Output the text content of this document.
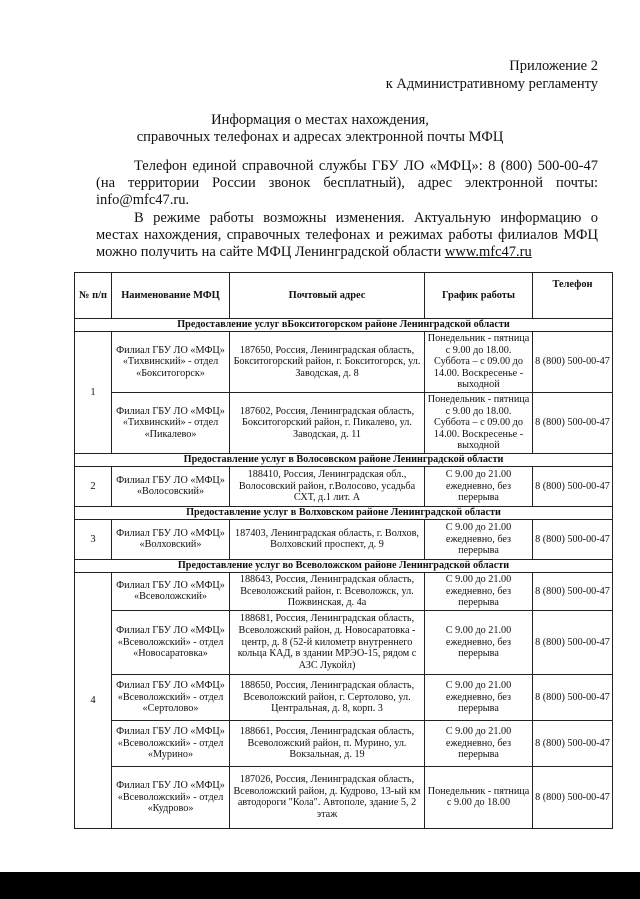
Приложение 2
к Административному регламенту
Информация о местах нахождения,
справочных телефонах и адресах электронной почты МФЦ
Телефон единой справочной службы ГБУ ЛО «МФЦ»: 8 (800) 500-00-47 (на территории России звонок бесплатный), адрес электронной почты: info@mfc47.ru.
В режиме работы возможны изменения. Актуальную информацию о местах нахождения, справочных телефонах и режимах работы филиалов МФЦ можно получить на сайте МФЦ Ленинградской области www.mfc47.ru
№ п/п	Наименование МФЦ	Почтовый адрес	График работы	Телефон
Предоставление услуг вБокситогорском районе Ленинградской области				
1	Филиал ГБУ ЛО «МФЦ» «Тихвинский» - отдел «Бокситогорск»	187650, Россия, Ленинградская область, Бокситогорский район, г. Бокситогорск, ул. Заводская, д. 8	Понедельник - пятница с 9.00 до 18.00. Суббота – с 09.00 до 14.00. Воскресенье - выходной	8 (800) 500-00-47
	Филиал ГБУ ЛО «МФЦ» «Тихвинский» - отдел «Пикалево»	187602, Россия, Ленинградская область, Бокситогорский район, г. Пикалево, ул. Заводская, д. 11	Понедельник - пятница с 9.00 до 18.00. Суббота – с 09.00 до 14.00. Воскресенье - выходной	8 (800) 500-00-47
Предоставление услуг в Волосовском районе Ленинградской области				
2	Филиал ГБУ ЛО «МФЦ» «Волосовский»	188410, Россия, Ленинградская обл., Волосовский район, г.Волосово, усадьба СХТ, д.1 лит. А	С 9.00 до 21.00 ежедневно, без перерыва	8 (800) 500-00-47
Предоставление услуг в Волховском районе Ленинградской области				
3	Филиал ГБУ ЛО «МФЦ» «Волховский»	187403, Ленинградская область, г. Волхов, Волховский проспект, д. 9	С 9.00 до 21.00 ежедневно, без перерыва	8 (800) 500-00-47
Предоставление услуг во Всеволожском районе Ленинградской области				
4	Филиал ГБУ ЛО «МФЦ» «Всеволожский»	188643, Россия, Ленинградская область, Всеволожский район, г. Всеволожск, ул. Пожвинская, д. 4а	С 9.00 до 21.00 ежедневно, без перерыва	8 (800) 500-00-47
	Филиал ГБУ ЛО «МФЦ» «Всеволожский» - отдел «Новосаратовка»	188681, Россия, Ленинградская область, Всеволожский район, д. Новосаратовка - центр, д. 8 (52-й километр внутреннего кольца КАД, в здании МРЭО-15, рядом с АЗС Лукойл)	С 9.00 до 21.00 ежедневно, без перерыва	8 (800) 500-00-47
	Филиал ГБУ ЛО «МФЦ» «Всеволожский» - отдел «Сертолово»	188650, Россия, Ленинградская область, Всеволожский район, г. Сертолово, ул. Центральная, д. 8, корп. 3	С 9.00 до 21.00 ежедневно, без перерыва	8 (800) 500-00-47
	Филиал ГБУ ЛО «МФЦ» «Всеволожский» - отдел «Мурино»	188661, Россия, Ленинградская область, Всеволожский район, п. Мурино, ул. Вокзальная, д. 19	С 9.00 до 21.00 ежедневно, без перерыва	8 (800) 500-00-47
	Филиал ГБУ ЛО «МФЦ» «Всеволожский» - отдел «Кудрово»	187026, Россия, Ленинградская область, Всеволожский район, д. Кудрово, 13-ый км автодороги "Кола". Автополе, здание 5, 2 этаж	Понедельник - пятница с 9.00 до 18.00	8 (800) 500-00-47
